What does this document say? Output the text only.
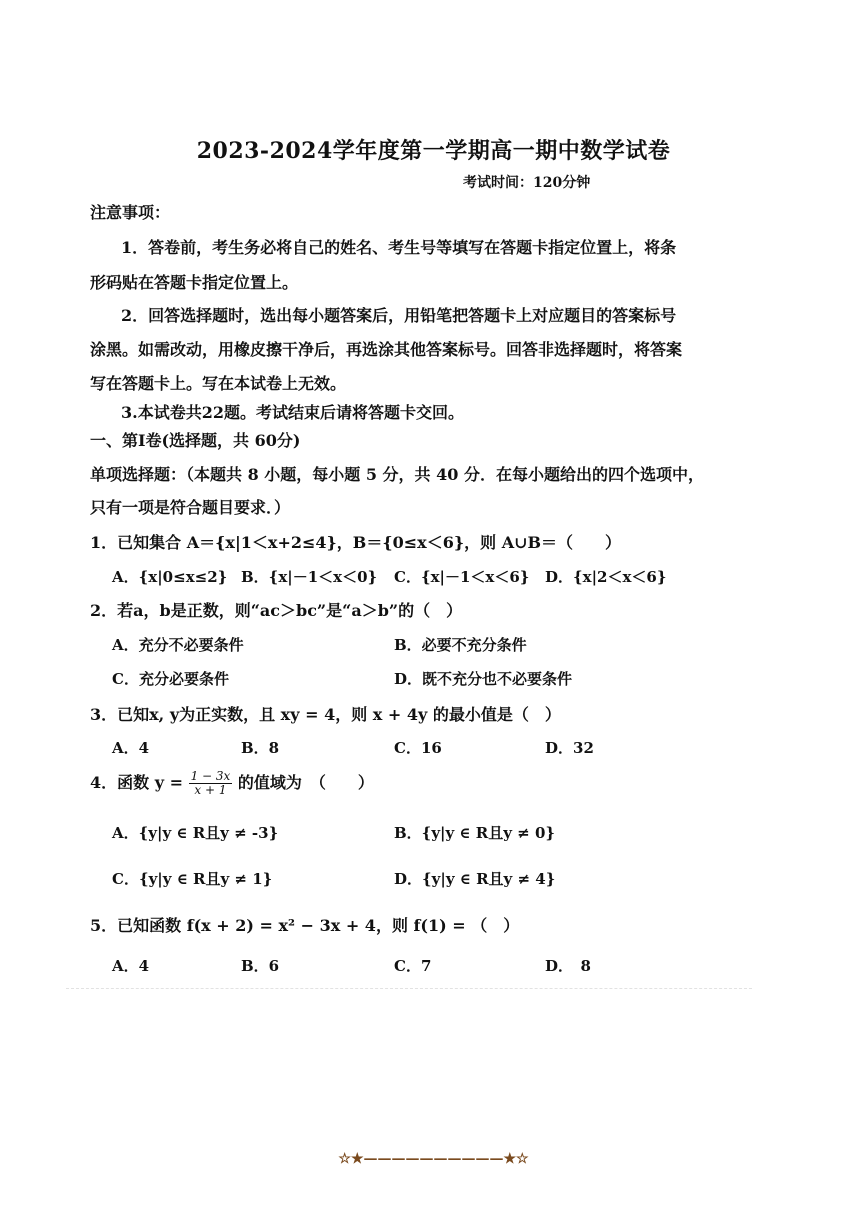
2023-2024学年度第一学期高一期中数学试卷
考试时间：120分钟
注意事项：
1．答卷前，考生务必将自己的姓名、考生号等填写在答题卡指定位置上，将条
形码贴在答题卡指定位置上。
2．回答选择题时，选出每小题答案后，用铅笔把答题卡上对应题目的答案标号
涂黑。如需改动，用橡皮擦干净后，再选涂其他答案标号。回答非选择题时，将答案
写在答题卡上。写在本试卷上无效。
3.本试卷共22题。考试结束后请将答题卡交回。
一、第Ⅰ卷(选择题，共 60分)
单项选择题：（本题共 8 小题，每小题 5 分，共 40 分．在每小题给出的四个选项中，
只有一项是符合题目要求．）
1．已知集合 A＝{x|1＜x+2≤4}，B＝{0≤x＜6}，则 A∪B＝（　　）
A．{x|0≤x≤2} B．{x|－1＜x＜0} C．{x|－1＜x＜6} D．{x|2＜x＜6}
2．若a，b是正数，则“ac＞bc”是“a＞b”的（　）
A．充分不必要条件	B．必要不充分条件
C．充分必要条件	D．既不充分也不必要条件
3．已知x, y为正实数，且 xy = 4，则 x + 4y 的最小值是（　）
A．4	B．8	C．16	D．32
4．函数 $y = \frac{1 - 3x}{x + 1}$ 的值域为　（　　）
A．{y|y ∈ R且y ≠ -3}	B．{y|y ∈ R且y ≠ 0}
C．{y|y ∈ R且y ≠ 1}	D．{y|y ∈ R且y ≠ 4}
5．已知函数 f(x + 2) = x² − 3x + 4，则 f(1) = （　）
A．4	B．6	C．7	D．　8
☆★——————————★☆
